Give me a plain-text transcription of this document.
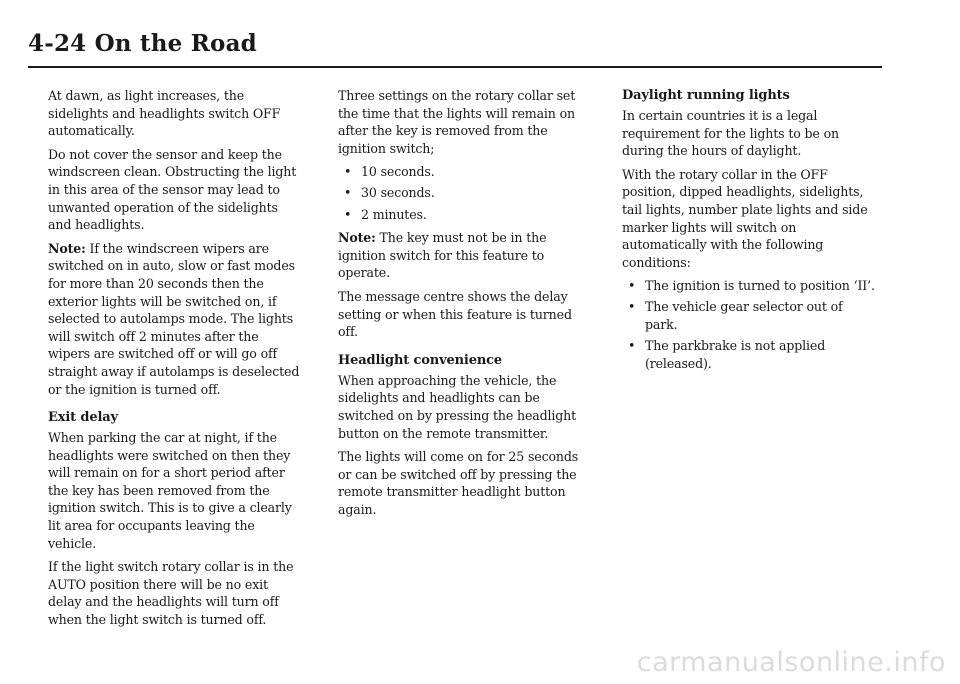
4-24 On the Road

At dawn, as light increases, the sidelights and headlights switch OFF automatically.

Do not cover the sensor and keep the windscreen clean. Obstructing the light in this area of the sensor may lead to unwanted operation of the sidelights and headlights.

Note: If the windscreen wipers are switched on in auto, slow or fast modes for more than 20 seconds then the exterior lights will be switched on, if selected to autolamps mode. The lights will switch off 2 minutes after the wipers are switched off or will go off straight away if autolamps is deselected or the ignition is turned off.

Exit delay

When parking the car at night, if the headlights were switched on then they will remain on for a short period after the key has been removed from the ignition switch. This is to give a clearly lit area for occupants leaving the vehicle.

If the light switch rotary collar is in the AUTO position there will be no exit delay and the headlights will turn off when the light switch is turned off.

Three settings on the rotary collar set the time that the lights will remain on after the key is removed from the ignition switch;

• 10 seconds.
• 30 seconds.
• 2 minutes.

Note: The key must not be in the ignition switch for this feature to operate.

The message centre shows the delay setting or when this feature is turned off.

Headlight convenience

When approaching the vehicle, the sidelights and headlights can be switched on by pressing the headlight button on the remote transmitter.

The lights will come on for 25 seconds or can be switched off by pressing the remote transmitter headlight button again.

Daylight running lights

In certain countries it is a legal requirement for the lights to be on during the hours of daylight.

With the rotary collar in the OFF position, dipped headlights, sidelights, tail lights, number plate lights and side marker lights will switch on automatically with the following conditions:

• The ignition is turned to position ‘II’.
• The vehicle gear selector out of park.
• The parkbrake is not applied (released).
carmanualsonline.info
